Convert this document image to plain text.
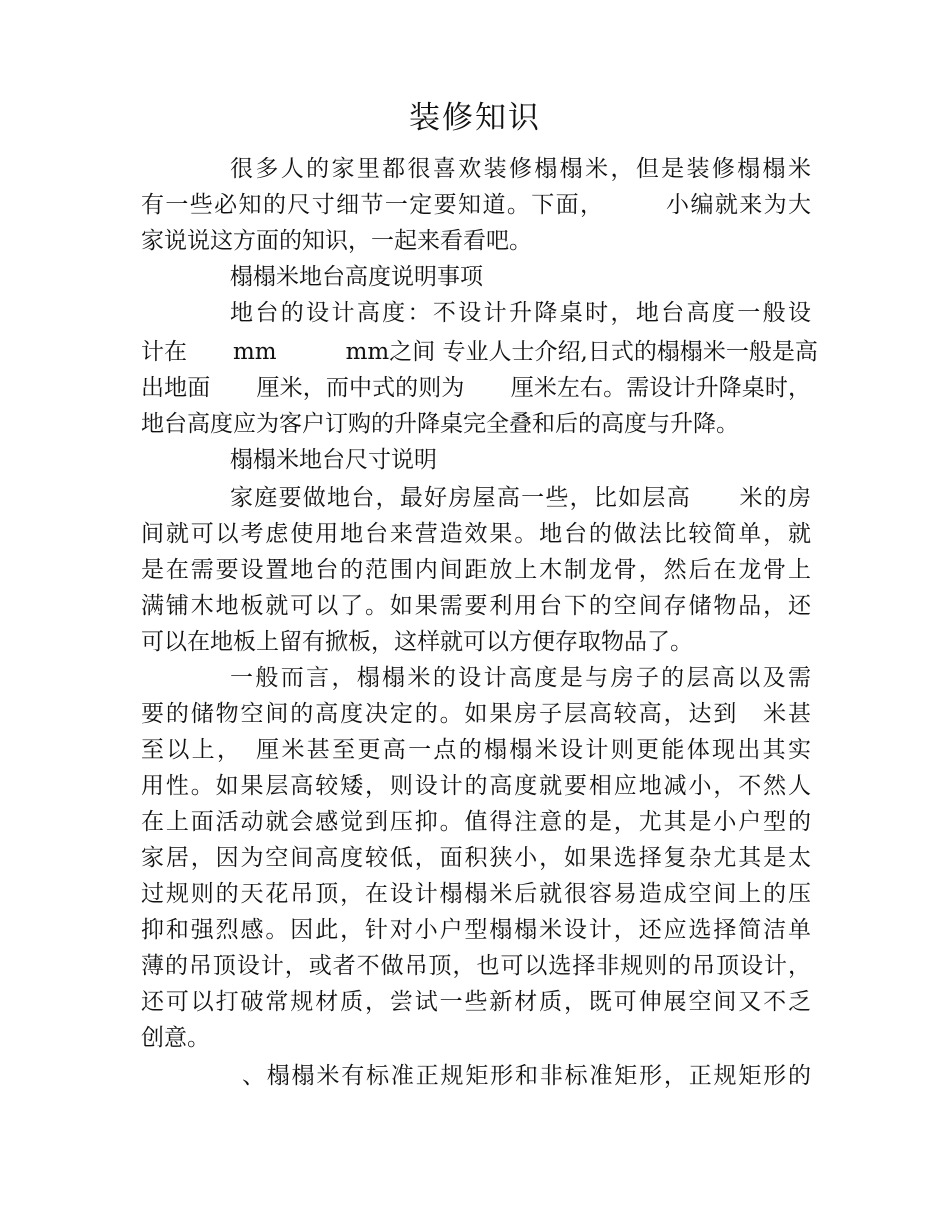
装修知识
很多人的家里都很喜欢装修榻榻米，但是装修榻榻米
有一些必知的尺寸细节一定要知道。下面，　　　小编就来为大
家说说这方面的知识，一起来看看吧。
榻榻米地台高度说明事项
地台的设计高度：不设计升降桌时，地台高度一般设
计在　　mm　　　mm之间 专业人士介绍,日式的榻榻米一般是高
出地面　　厘米，而中式的则为　　厘米左右。需设计升降桌时，
地台高度应为客户订购的升降桌完全叠和后的高度与升降。
榻榻米地台尺寸说明
家庭要做地台，最好房屋高一些，比如层高　　米的房
间就可以考虑使用地台来营造效果。地台的做法比较简单，就
是在需要设置地台的范围内间距放上木制龙骨，然后在龙骨上
满铺木地板就可以了。如果需要利用台下的空间存储物品，还
可以在地板上留有掀板，这样就可以方便存取物品了。
一般而言，榻榻米的设计高度是与房子的层高以及需
要的储物空间的高度决定的。如果房子层高较高，达到　米甚
至以上，　厘米甚至更高一点的榻榻米设计则更能体现出其实
用性。如果层高较矮，则设计的高度就要相应地减小，不然人
在上面活动就会感觉到压抑。值得注意的是，尤其是小户型的
家居，因为空间高度较低，面积狭小，如果选择复杂尤其是太
过规则的天花吊顶，在设计榻榻米后就很容易造成空间上的压
抑和强烈感。因此，针对小户型榻榻米设计，还应选择简洁单
薄的吊顶设计，或者不做吊顶，也可以选择非规则的吊顶设计，
还可以打破常规材质，尝试一些新材质，既可伸展空间又不乏
创意。
、榻榻米有标准正规矩形和非标准矩形，正规矩形的
